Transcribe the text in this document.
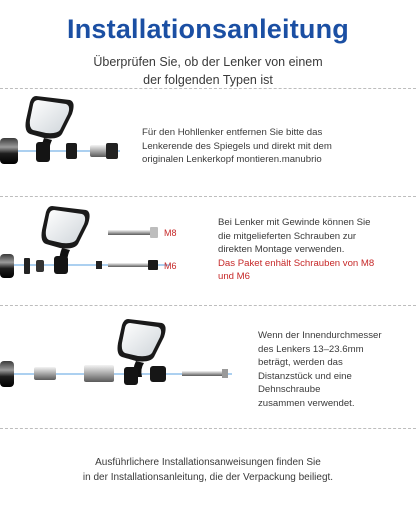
Installationsanleitung
Überprüfen Sie, ob der Lenker von einem
der folgenden Typen ist
Für den Hohllenker entfernen Sie bitte das
Lenkerende des Spiegels und direkt mit dem
originalen Lenkerkopf montieren.manubrio
M8
M6
Bei Lenker mit Gewinde können Sie
die mitgelieferten Schrauben zur
direkten Montage verwenden.
Das Paket enhält Schrauben von M8
und M6
Wenn der Innendurchmesser
des Lenkers 13–23.6mm
beträgt, werden das
Distanzstück und eine
Dehnschraube
zusammen verwendet.
Ausführlichere Installationsanweisungen finden Sie
in der Installationsanleitung, die der Verpackung beiliegt.
